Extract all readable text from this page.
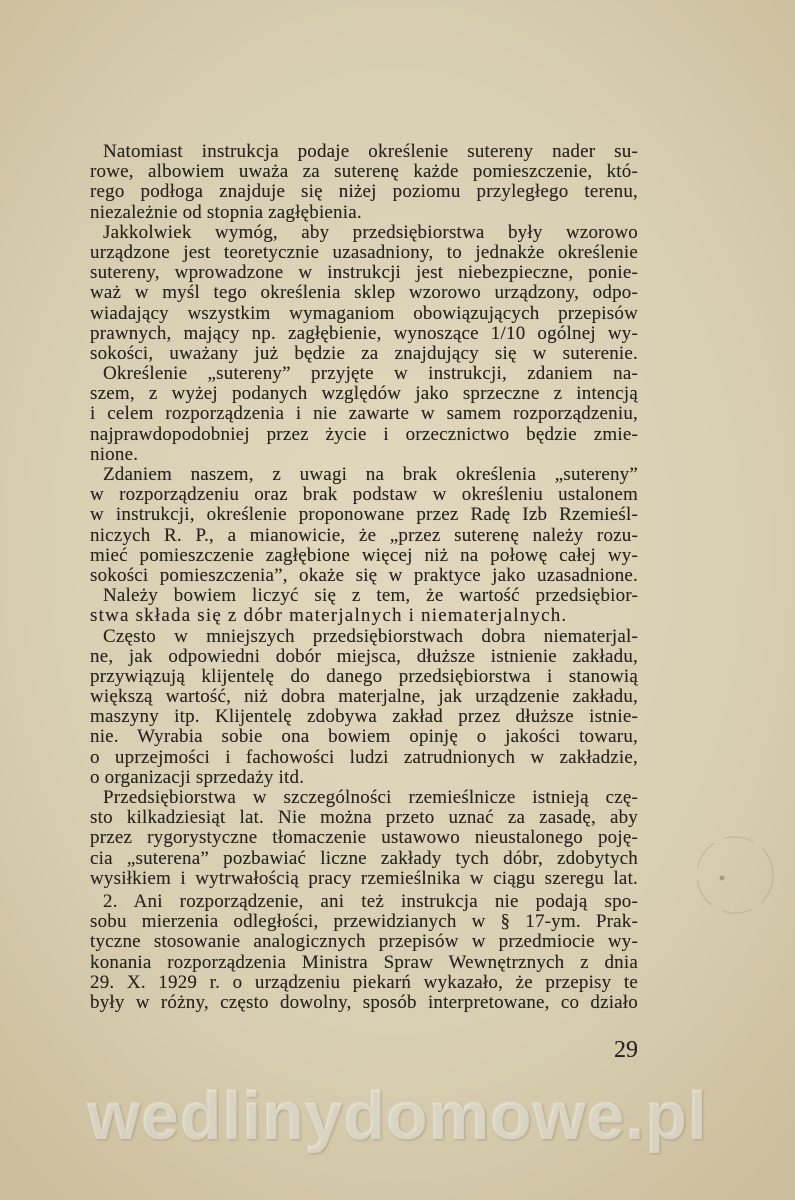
Natomiast instrukcja podaje określenie sutereny nader su-
rowe, albowiem uważa za suterenę każde pomieszczenie, któ-
rego podłoga znajduje się niżej poziomu przyległego terenu,
niezależnie od stopnia zagłębienia.
Jakkolwiek wymóg, aby przedsiębiorstwa były wzorowo
urządzone jest teoretycznie uzasadniony, to jednakże określenie
sutereny, wprowadzone w instrukcji jest niebezpieczne, ponie-
waż w myśl tego określenia sklep wzorowo urządzony, odpo-
wiadający wszystkim wymaganiom obowiązujących przepisów
prawnych, mający np. zagłębienie, wynoszące 1/10 ogólnej wy-
sokości, uważany już będzie za znajdujący się w suterenie.
Określenie „sutereny” przyjęte w instrukcji, zdaniem na-
szem, z wyżej podanych względów jako sprzeczne z intencją
i celem rozporządzenia i nie zawarte w samem rozporządzeniu,
najprawdopodobniej przez życie i orzecznictwo będzie zmie-
nione.
Zdaniem naszem, z uwagi na brak określenia „sutereny”
w rozporządzeniu oraz brak podstaw w określeniu ustalonem
w instrukcji, określenie proponowane przez Radę Izb Rzemieśl-
niczych R. P., a mianowicie, że „przez suterenę należy rozu-
mieć pomieszczenie zagłębione więcej niż na połowę całej wy-
sokości pomieszczenia”, okaże się w praktyce jako uzasadnione.
Należy bowiem liczyć się z tem, że wartość przedsiębior-
stwa składa się z dóbr materjalnych i niematerjalnych.
Często w mniejszych przedsiębiorstwach dobra niematerjal-
ne, jak odpowiedni dobór miejsca, dłuższe istnienie zakładu,
przywiązują klijentelę do danego przedsiębiorstwa i stanowią
większą wartość, niż dobra materjalne, jak urządzenie zakładu,
maszyny itp. Klijentelę zdobywa zakład przez dłuższe istnie-
nie. Wyrabia sobie ona bowiem opinję o jakości towaru,
o uprzejmości i fachowości ludzi zatrudnionych w zakładzie,
o organizacji sprzedaży itd.
Przedsiębiorstwa w szczególności rzemieślnicze istnieją czę-
sto kilkadziesiąt lat. Nie można przeto uznać za zasadę, aby
przez rygorystyczne tłomaczenie ustawowo nieustalonego poję-
cia „suterena” pozbawiać liczne zakłady tych dóbr, zdobytych
wysiłkiem i wytrwałością pracy rzemieślnika w ciągu szeregu lat.
2. Ani rozporządzenie, ani też instrukcja nie podają spo-
sobu mierzenia odległości, przewidzianych w § 17-ym. Prak-
tyczne stosowanie analogicznych przepisów w przedmiocie wy-
konania rozporządzenia Ministra Spraw Wewnętrznych z dnia
29. X. 1929 r. o urządzeniu piekarń wykazało, że przepisy te
były w różny, często dowolny, sposób interpretowane, co działo
29
wedlinydomowe.pl
